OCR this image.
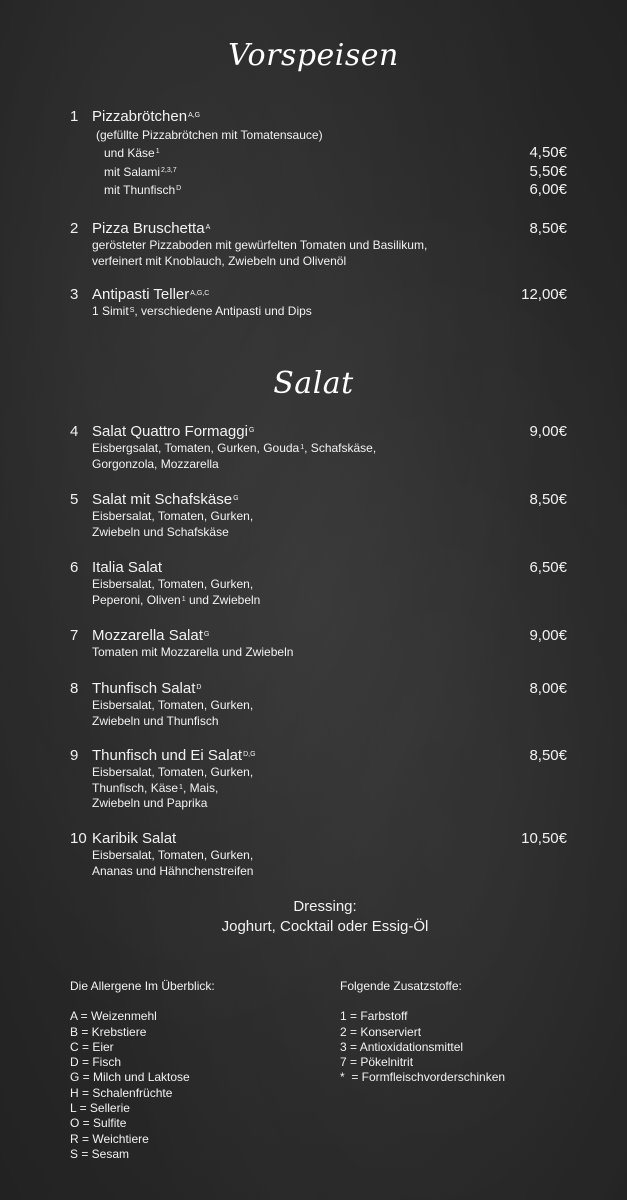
Vorspeisen
1 Pizzabrötchen$^{A,G}$
(gefüllte Pizzabrötchen mit Tomatensauce)
und Käse$^1$	4,50€
mit Salami$^{2,3,7}$	5,50€
mit Thunfisch$^D$	6,00€
2 Pizza Bruschetta$^A$	8,50€
gerösteter Pizzaboden mit gewürfelten Tomaten und Basilikum,
verfeinert mit Knoblauch, Zwiebeln und Olivenöl
3 Antipasti Teller$^{A,G,C}$	12,00€
1 Simit$^S$, verschiedene Antipasti und Dips
Salat
4 Salat Quattro Formaggi$^G$	9,00€
Eisbergsalat, Tomaten, Gurken, Gouda$^1$, Schafskäse,
Gorgonzola, Mozzarella
5 Salat mit Schafskäse$^G$	8,50€
Eisbersalat, Tomaten, Gurken,
Zwiebeln und Schafskäse
6 Italia Salat	6,50€
Eisbersalat, Tomaten, Gurken,
Peperoni, Oliven$^1$ und Zwiebeln
7 Mozzarella Salat$^G$	9,00€
Tomaten mit Mozzarella und Zwiebeln
8 Thunfisch Salat$^D$	8,00€
Eisbersalat, Tomaten, Gurken,
Zwiebeln und Thunfisch
9 Thunfisch und Ei Salat$^{D,G}$	8,50€
Eisbersalat, Tomaten, Gurken,
Thunfisch, Käse$^1$, Mais,
Zwiebeln und Paprika
10 Karibik Salat	10,50€
Eisbersalat, Tomaten, Gurken,
Ananas und Hähnchenstreifen
Dressing:
Joghurt, Cocktail oder Essig-Öl
Die Allergene Im Überblick:
A = Weizenmehl
B = Krebstiere
C = Eier
D = Fisch
G = Milch und Laktose
H = Schalenfrüchte
L = Sellerie
O = Sulfite
R = Weichtiere
S = Sesam
Folgende Zusatzstoffe:
1 = Farbstoff
2 = Konserviert
3 = Antioxidationsmittel
7 = Pökelnitrit
*  = Formfleischvorderschinken
